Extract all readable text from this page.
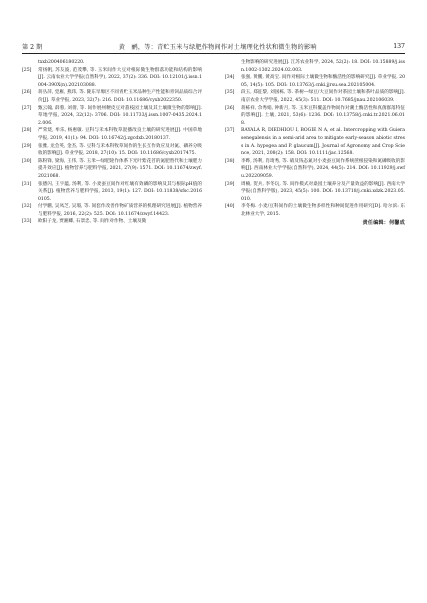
第 2 期	黄　鹂，等：青贮玉米与绿肥作物间作对土壤理化性状和微生物的影响	137
txxb200406180220.
[25]	常扬帆, 苏友波, 范茂攀, 等. 玉米间作大豆对根际微生物群落功能和结构的影响[J]. 云南农业大学学报(自然科学), 2022, 37(2): 336. DOI: 10.12101/j.issn.1004-390X(n).202103088.
[26]	蒋丛萍, 党雁, 燕玮, 等. 陇东旱塬区不同青贮玉米品种生产性能和青饲品质综合评价[J]. 草业学报, 2023, 32(7): 216. DOI: 10.11686/cyxb2022350.
[27]	甄云翰, 薛蓉, 刘倩, 等. 间作展州粳皮豆对荔枝园土壤及其土壤微生物的影响[J]. 草地学报, 2024, 32(12): 3706. DOI: 10.11733/j.issn.1007-0435.2024.12.006.
[28]	严荣烧, 牟乐, 杨惠敏. 豆科与禾本科牧草混播改良土壤的研究进展[J]. 中国草地学报, 2019, 41(1): 94. DOI: 10.16742/j.zgcdxb.20180137.
[29]	张雅, 龙会英, 金杰, 等. 豆科与禾本科牧草间作的生长互作效应及对氮、磷养分吸收的影响[J]. 草业学报, 2018, 27(10): 15. DOI: 10.11686/cyxb2017475.
[30]	陈粉锋, 梁海, 王伟, 等. 玉米—绿肥轮作体系下光叶紫花苕的氮肥替代和土壤肥力提升效应[J]. 植物营养与肥料学报, 2021, 27(9): 1571. DOI: 10.11674/zwyf.2021068.
[31]	张德闪, 王宇蕴, 汤利, 等. 小麦蚕豆间作对红壤有效磷的影响及其与根际pH值的关系[J]. 植物营养与肥料学报, 2013, 19(1): 127. DOI: 10.11838/sfsc.20160105.
[32]	付学鹏, 吴凤芝, 吴瑕, 等. 间套作改善作物矿质营养的机理研究进展[J]. 植物营养与肥料学报, 2016, 22(2): 525. DOI: 10.11674/zwyf.14423.
[33]	欧阳子龙, 贾湘卿, 石景忠, 等. 间作对作物、土壤及微
生物影响的研究进展[J]. 江苏农业科学, 2024, 52(2): 18. DOI: 10.15889/j.issn.1002-1302.2024.02.003.
[34]	张强, 黄鹏, 黄高宝. 间作对根际土壤微生物和酶活性的影响研究[J]. 草业学报, 2005, 14(5): 105. DOI: 10.13763/j.cnki.jjrsu.sea.202105004.
[35]	段玉, 郑征黎, 刘国栋, 等. 茶树—绿豆/大豆间作对茶园土壤和茶叶品质的影响[J]. 南京农业大学学报, 2022, 45(3): 511. DOI: 10.7685/jnau.202106039.
[36]	蒋栋祥, 佘秀娟, 钟新月, 等. 玉米豆科覆盖作物间作对潮土酶活性和真菌群落特征的影响[J]. 土壤, 2021, 53(6): 1236. DOI: 10.13758/j.cnki.tr.2021.06.018.
[37]	BAYALA R, DIEDHIOU I, BOGIE N A, et al. Intercropping with Guiera senegalensis in a semi-arid area to mitigate early-season abiotic stress in A. hypogea and P. glaucum[J]. Journal of Agronomy and Crop Science, 2021, 208(2): 158. DOI: 10.1111/jac.12568.
[38]	李晔, 汤利, 肖琦秀, 等. 硝及钱态氮对小麦蚕豆间作系统蔗根侵染和氮磷吸收的影响[J]. 西南林业大学学报(自然科学), 2024, 44(5): 214. DOI: 10.11929/j.swfu.202209059.
[39]	周楠, 贺兵, 李冬玩, 等. 间作模式对桑园土壤养分及产量效益的影响[J]. 西南大学学报(自然科学版), 2023, 45(5): 100. DOI: 10.13718/j.cnki.xdzk.2023.05.010.
[40]	李冬梅. 小麦/豆科间作的土壤微生物多样性和种间促进作用研究[D]. 哈尔滨: 东北林业大学, 2015.
责任编辑：何馨成
